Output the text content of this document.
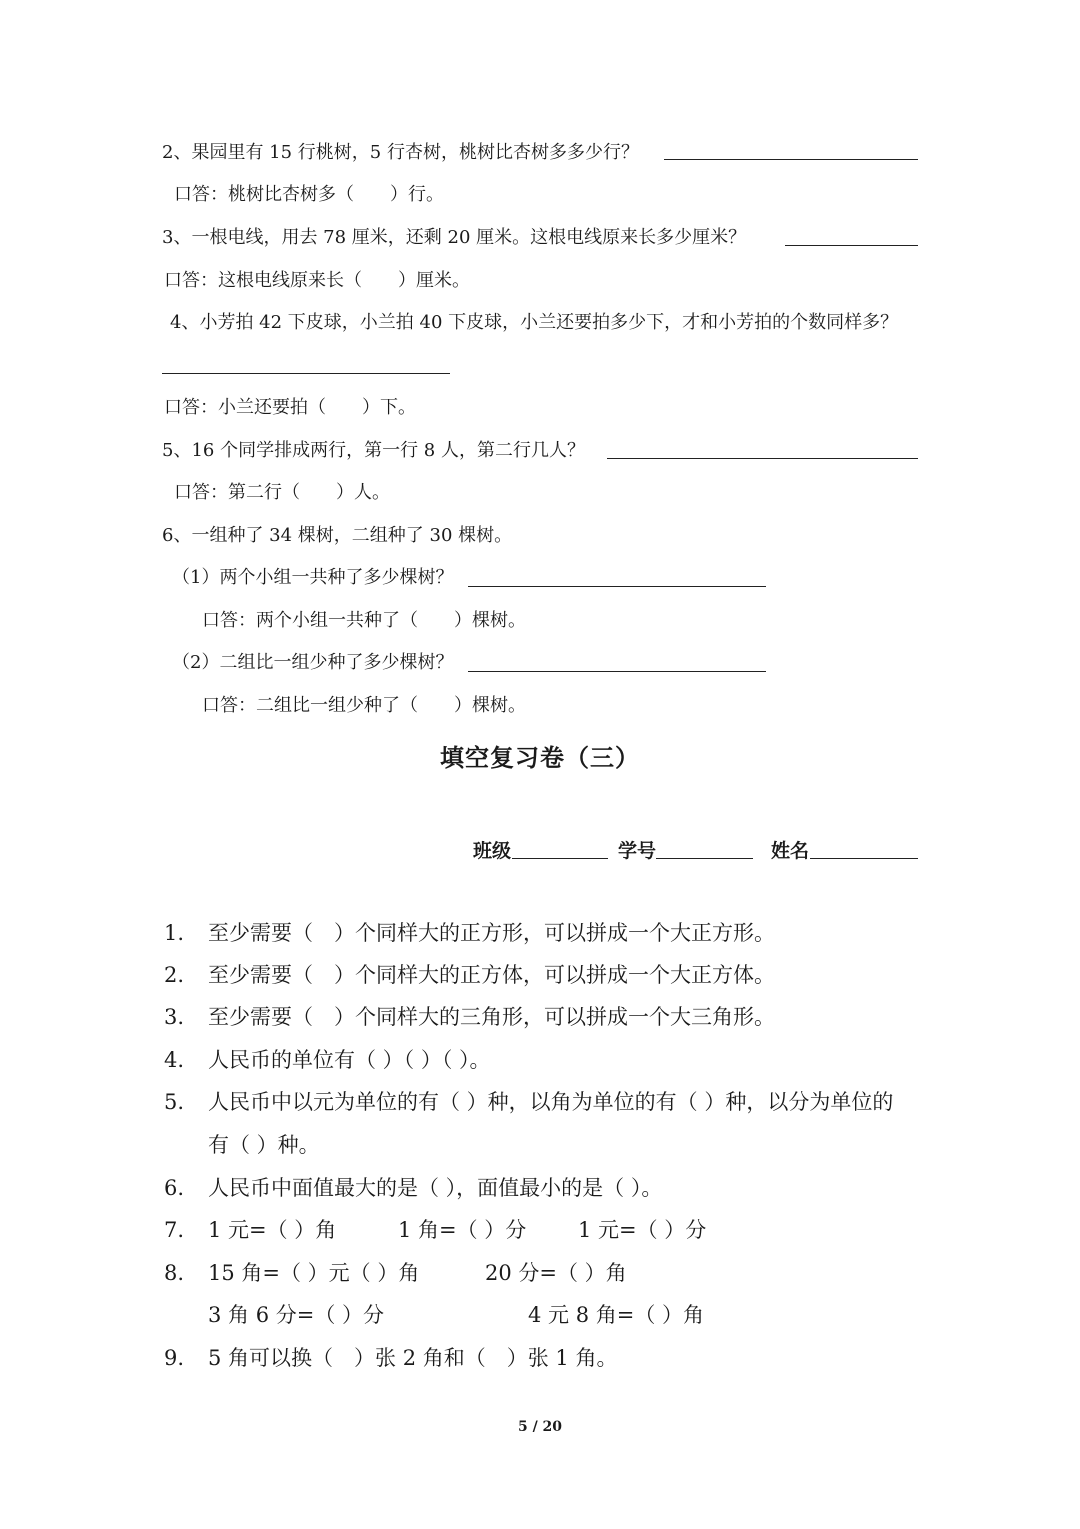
2、果园里有 15 行桃树，5 行杏树，桃树比杏树多多少行？
口答：桃树比杏树多（　　）行。
3、一根电线，用去 78 厘米，还剩 20 厘米。这根电线原来长多少厘米？
口答：这根电线原来长（　　）厘米。
4、小芳拍 42 下皮球，小兰拍 40 下皮球，小兰还要拍多少下，才和小芳拍的个数同样多？
口答：小兰还要拍（　　）下。
5、16 个同学排成两行，第一行 8 人，第二行几人？
口答：第二行（　　）人。
6、一组种了 34 棵树，二组种了 30 棵树。
（1）两个小组一共种了多少棵树？
口答：两个小组一共种了（　　）棵树。
（2）二组比一组少种了多少棵树？
口答：二组比一组少种了（　　）棵树。
填空复习卷（三）
班级	学号	姓名
1. 至少需要（　）个同样大的正方形，可以拼成一个大正方形。
2. 至少需要（　）个同样大的正方体，可以拼成一个大正方体。
3. 至少需要（　）个同样大的三角形，可以拼成一个大三角形。
4. 人民币的单位有（ ）（ ）（ ）。
5. 人民币中以元为单位的有（ ）种，以角为单位的有（ ）种，以分为单位的
有（ ）种。
6. 人民币中面值最大的是（ ），面值最小的是（ ）。
7. 1 元=（ ）角	1 角=（ ）分 1 元=（ ）分
8. 15 角=（ ）元（ ）角	20 分=（ ）角
3 角 6 分=（ ）分	4 元 8 角=（ ）角
9. 5 角可以换（　）张 2 角和（　）张 1 角。
5 / 20
